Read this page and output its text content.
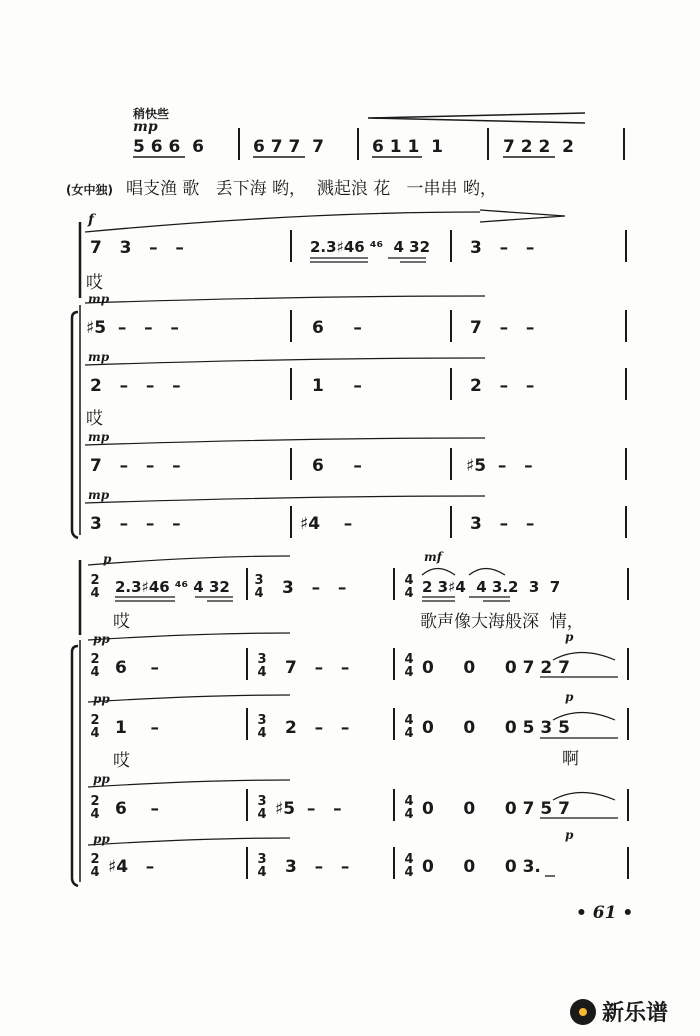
稍快些
mp
5 6 6  6	6 7 7  7	6 1 1  1	7 2 2  2
(女中独) 唱支渔 歌   丢下海 哟，  溅起浪 花   一串串 哟，
f
7   3   –   –	2.3♯46 ⁴⁶  4 32 3   –   –
哎
mp
♯5  –   –   –	6     –	7   –   –
mp
2   –   –   –	1     –	2   –   –
哎
mp
7   –   –   –	6     –	♯5  –   –
mp
3   –   –   –	♯4    –	3   –   –
p	mf
2
4 2.3♯46 ⁴⁶ 4 32 3
4 3   –   –	4
4 2 3♯4  4 3.2  3  7
哎	歌声像大海般深  情，
pp	p
2
4 6    –	3
4 7   –   –	4
4 0     0     0 7 2 7
pp	p
2
4 1    –	3
4 2   –   –	4
4 0     0     0 5 3 5
哎	啊
pp
2
4 6    –	3
4 ♯5  –   –	4
4 0     0     0 7 5 7
pp	p
2
4 ♯4   –	3
4 3   –   –	4
4 0     0     0 3.
• 61 •
新乐谱
